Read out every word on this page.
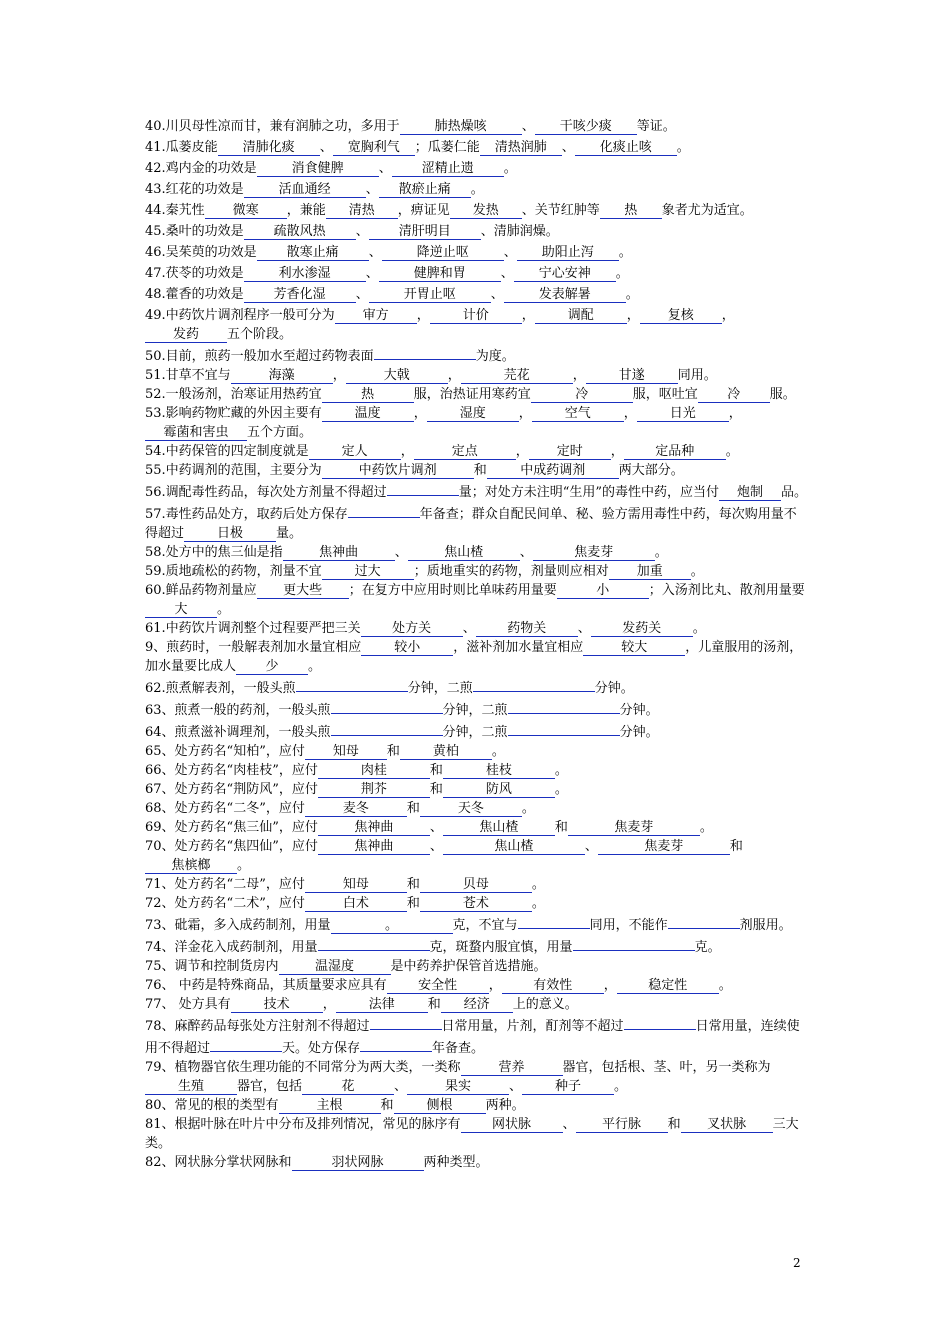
40.川贝母性凉而甘，兼有润肺之功，多用于	肺热燥咳	、 干咳少痰 等证。

41.瓜蒌皮能 清肺化痰 、 宽胸利气 ；瓜蒌仁能 清热润肺 、 化痰止咳 。

42.鸡内金的功效是	消食健脾	、 涩精止遗 。

43.红花的功效是	活血通经	、 散瘀止痛 。

44.秦艽性 微寒 ，兼能 清热 ，痹证见 发热 、关节红肿等 热 象者尤为适宜。

45.桑叶的功效是 疏散风热 、 清肝明目 、清肺润燥。

46.吴茱萸的功效是 散寒止痛 、	降逆止呕	、 助阳止泻 。

47.茯苓的功效是	利水渗湿	、	健脾和胃	、 宁心安神 。

48.藿香的功效是 芳香化湿 、	开胃止呕	、	发表解暑	。

49.中药饮片调剂程序一般可分为 审方 ，	计价	，	调配	， 复核 ，发药 五个阶段。

50.目前，煎药一般加水至超过药物表面	为度。

51.甘草不宜与	海藻	，	大戟	，	芫花	，	甘遂	同用。

52.一般汤剂，治寒证用热药宜	热	服，治热证用寒药宜	冷	服，呕吐宜 冷 服。

53.影响药物贮藏的外因主要有	温度	，	湿度	，	空气	，	日光	，霉菌和害虫 五个方面。

54.中药保管的四定制度就是	定人	，	定点	， 定时 ， 定品种 。

55.中药调剂的范围，主要分为	中药饮片调剂	和	中成药调剂	两大部分。

56.调配毒性药品，每次处方剂量不得超过	量；对处方未注明“生用”的毒性中药，应当付 炮制 品。

57.毒性药品处方，取药后处方保存	年备查；群众自配民间单、秘、验方需用毒性中药，每次购用量不得超过	日极	量。

58.处方中的焦三仙是指	焦神曲	、	焦山楂	、	焦麦芽	。

59.质地疏松的药物，剂量不宜	过大	；质地重实的药物，剂量则应相对 加重 。

60.鲜品药物剂量应 更大些 ；在复方中应用时则比单味药用量要	小	；入汤剂比丸、散剂用量要大 。

61.中药饮片调剂整个过程要严把三关 处方关 、 药物关 、 发药关 。

9、煎药时，一般解表剂加水量宜相应	较小	，滋补剂加水量宜相应	较大	，儿童服用的汤剂，加水量要比成人 少 。

62.煎煮解表剂，一般头煎	分钟，二煎	分钟。

63、煎煮一般的药剂，一般头煎	分钟，二煎	分钟。

64、煎煮滋补调理剂，一般头煎	分钟，二煎	分钟。

65、处方药名“知柏”，应付 知母 和	黄柏	。

66、处方药名“肉桂枝”，应付	肉桂	和	桂枝	。

67、处方药名“荆防风”，应付	荆芥	和	防风	。

68、处方药名“二冬”，应付	麦冬	和	天冬	。

69、处方药名“焦三仙”，应付	焦神曲	、	焦山楂	和	焦麦芽	。

70、处方药名“焦四仙”，应付	焦神曲	、	焦山楂	、	焦麦芽	和焦槟榔 。

71、处方药名“二母”，应付	知母	和	贝母	。

72、处方药名“二术”，应付	白术	和	苍术	。

73、砒霜，多入成药制剂，用量	。	克，不宜与	同用，不能作	剂服用。

74、洋金花入成药制剂，用量	克，斑蝥内服宜慎，用量	克。

75、调节和控制货房内	温湿度	是中药养护保管首选措施。

76、 中药是特殊商品，其质量要求应具有 安全性 ， 有效性 ， 稳定性 。

77、 处方具有	技术	，	法律	和 经济 上的意义。

78、麻醉药品每张处方注射剂不得超过	日常用量，片剂，酊剂等不超过	日常用量，连续使用不得超过	天。处方保存	年备查。

79、植物器官依生理功能的不同常分为两大类，一类称	营养	器官，包括根、茎、叶，另一类称为生殖	器官，包括	花	、	果实	、	种子	。

80、常见的根的类型有	主根	和	侧根	两种。

81、根据叶脉在叶片中分布及排列情况，常见的脉序有 网状脉 、 平行脉 和 叉状脉 三大类。

82、网状脉分掌状网脉和	羽状网脉	两种类型。

2
